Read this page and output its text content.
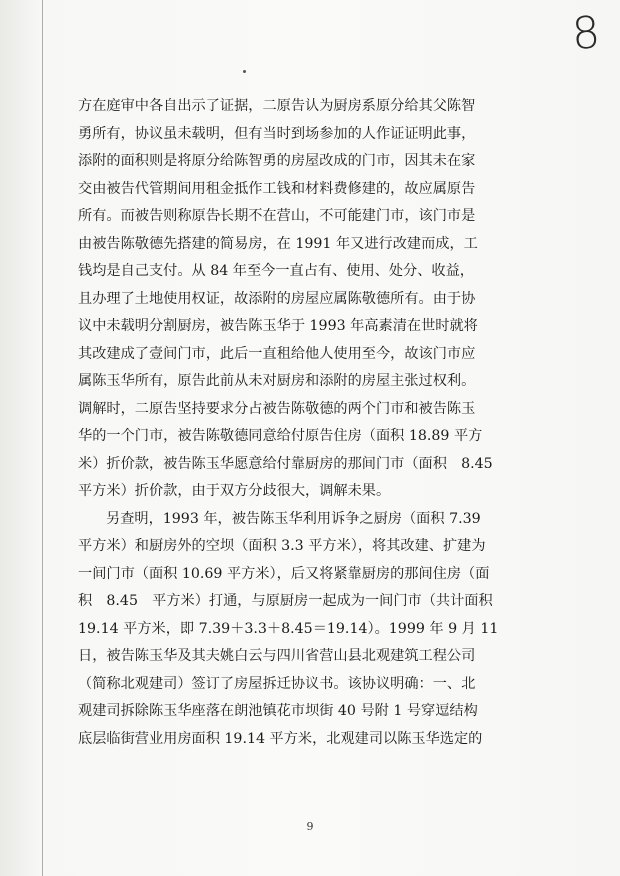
8
方在庭审中各自出示了证据，二原告认为厨房系原分给其父陈智
勇所有，协议虽未载明，但有当时到场参加的人作证证明此事，
添附的面积则是将原分给陈智勇的房屋改成的门市，因其未在家
交由被告代管期间用租金抵作工钱和材料费修建的，故应属原告
所有。而被告则称原告长期不在营山，不可能建门市，该门市是
由被告陈敬德先搭建的简易房，在 1991 年又进行改建而成，工
钱均是自己支付。从 84 年至今一直占有、使用、处分、收益，
且办理了土地使用权证，故添附的房屋应属陈敬德所有。由于协
议中未载明分割厨房，被告陈玉华于 1993 年高素清在世时就将
其改建成了壹间门市，此后一直租给他人使用至今，故该门市应
属陈玉华所有，原告此前从未对厨房和添附的房屋主张过权利。
调解时，二原告坚持要求分占被告陈敬德的两个门市和被告陈玉
华的一个门市，被告陈敬德同意给付原告住房（面积 18.89 平方
米）折价款，被告陈玉华愿意给付靠厨房的那间门市（面积　8.45
平方米）折价款，由于双方分歧很大，调解未果。
另查明，1993 年，被告陈玉华利用诉争之厨房（面积 7.39
平方米）和厨房外的空坝（面积 3.3 平方米），将其改建、扩建为
一间门市（面积 10.69 平方米），后又将紧靠厨房的那间住房（面
积　8.45　平方米）打通，与原厨房一起成为一间门市（共计面积
19.14 平方米，即 7.39＋3.3＋8.45＝19.14）。1999 年 9 月 11
日，被告陈玉华及其夫姚白云与四川省营山县北观建筑工程公司
（简称北观建司）签订了房屋拆迁协议书。该协议明确：一、北
观建司拆除陈玉华座落在朗池镇花市坝街 40 号附 1 号穿逗结构
底层临街营业用房面积 19.14 平方米，北观建司以陈玉华选定的
9
